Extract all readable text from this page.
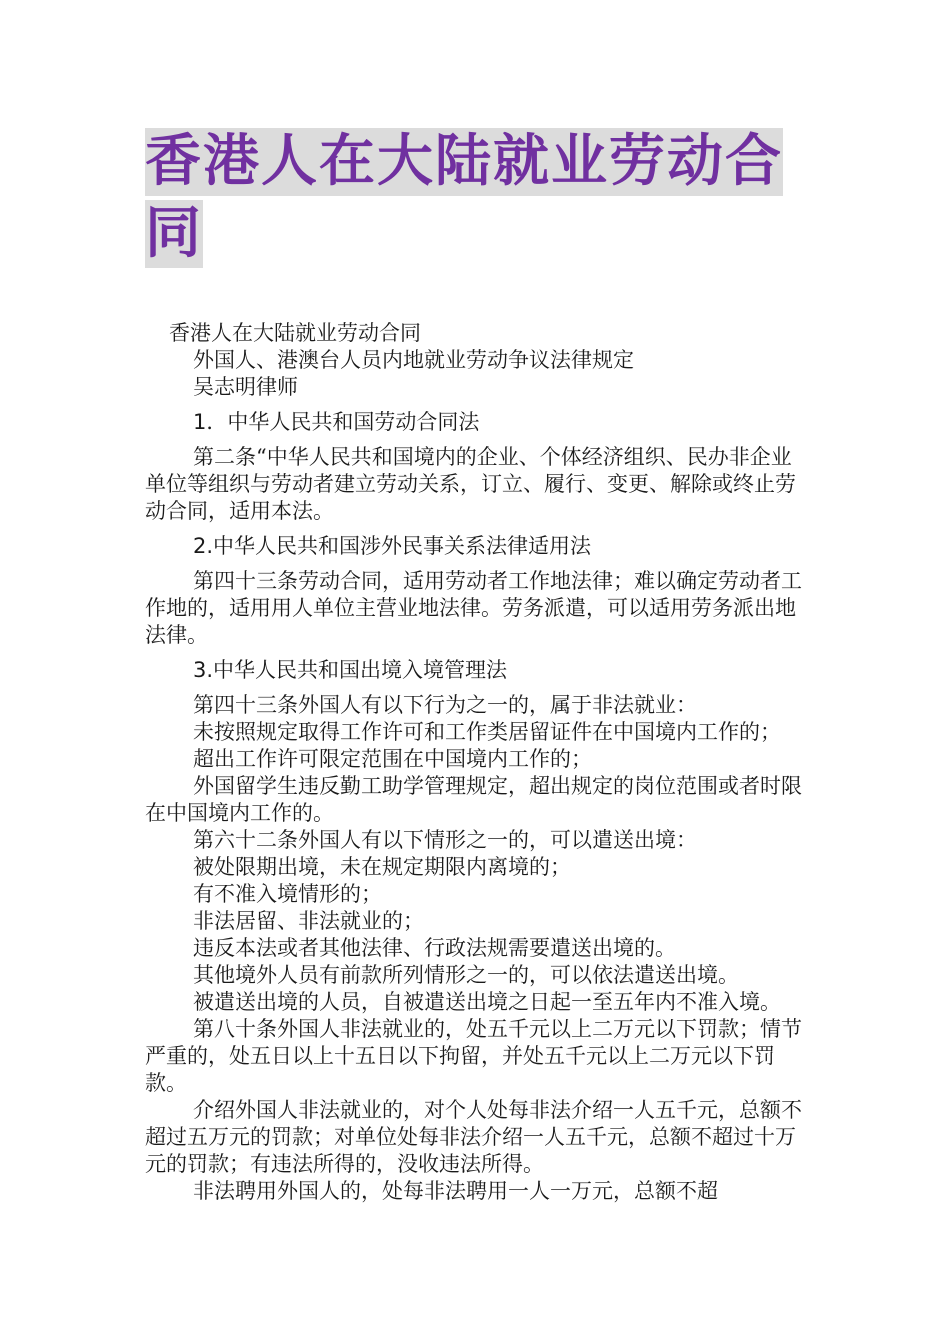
香港人在大陆就业劳动合
同

香港人在大陆就业劳动合同

外国人、港澳台人员内地就业劳动争议法律规定

吴志明律师

1．中华人民共和国劳动合同法

第二条“中华人民共和国境内的企业、个体经济组织、民办非企业单位等组织与劳动者建立劳动关系，订立、履行、变更、解除或终止劳动合同，适用本法。

2.中华人民共和国涉外民事关系法律适用法

第四十三条劳动合同，适用劳动者工作地法律；难以确定劳动者工作地的，适用用人单位主营业地法律。劳务派遣，可以适用劳务派出地法律。

3.中华人民共和国出境入境管理法

第四十三条外国人有以下行为之一的，属于非法就业：

未按照规定取得工作许可和工作类居留证件在中国境内工作的；

超出工作许可限定范围在中国境内工作的；

外国留学生违反勤工助学管理规定，超出规定的岗位范围或者时限在中国境内工作的。

第六十二条外国人有以下情形之一的，可以遣送出境：

被处限期出境，未在规定期限内离境的；

有不准入境情形的；

非法居留、非法就业的；

违反本法或者其他法律、行政法规需要遣送出境的。

其他境外人员有前款所列情形之一的，可以依法遣送出境。

被遣送出境的人员，自被遣送出境之日起一至五年内不准入境。

第八十条外国人非法就业的，处五千元以上二万元以下罚款；情节严重的，处五日以上十五日以下拘留，并处五千元以上二万元以下罚款。

介绍外国人非法就业的，对个人处每非法介绍一人五千元，总额不超过五万元的罚款；对单位处每非法介绍一人五千元，总额不超过十万元的罚款；有违法所得的，没收违法所得。

非法聘用外国人的，处每非法聘用一人一万元，总额不超
